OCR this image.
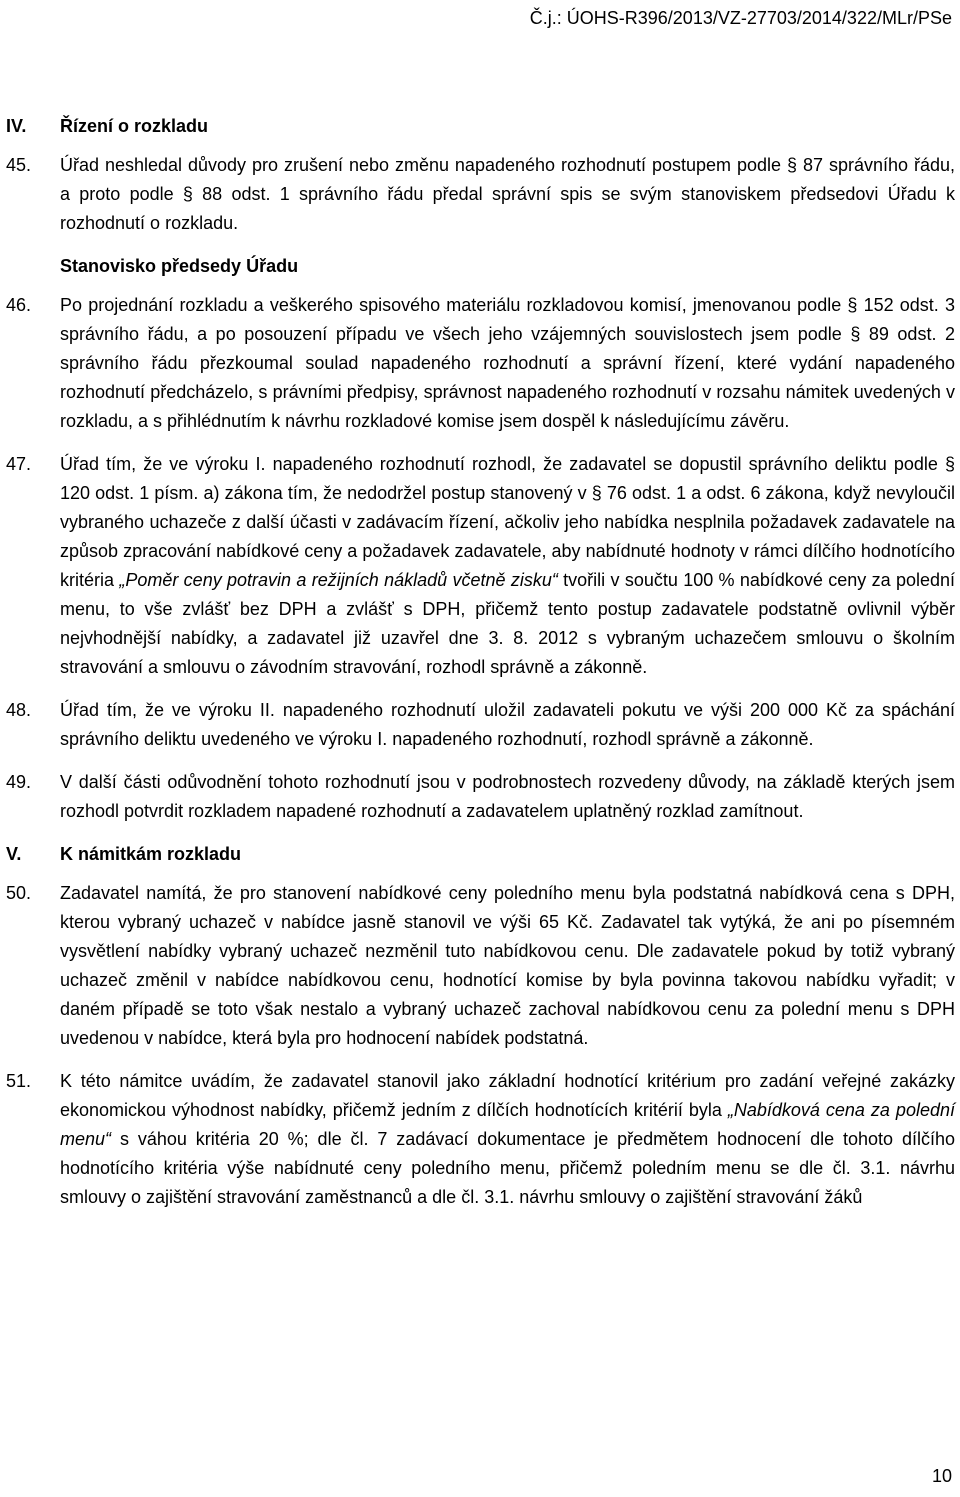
Č.j.: ÚOHS-R396/2013/VZ-27703/2014/322/MLr/PSe
IV. Řízení o rozkladu
45. Úřad neshledal důvody pro zrušení nebo změnu napadeného rozhodnutí postupem podle § 87 správního řádu, a proto podle § 88 odst. 1 správního řádu předal správní spis se svým stanoviskem předsedovi Úřadu k rozhodnutí o rozkladu.
Stanovisko předsedy Úřadu
46. Po projednání rozkladu a veškerého spisového materiálu rozkladovou komisí, jmenovanou podle § 152 odst. 3 správního řádu, a po posouzení případu ve všech jeho vzájemných souvislostech jsem podle § 89 odst. 2 správního řádu přezkoumal soulad napadeného rozhodnutí a správní řízení, které vydání napadeného rozhodnutí předcházelo, s právními předpisy, správnost napadeného rozhodnutí v rozsahu námitek uvedených v rozkladu, a s přihlédnutím k návrhu rozkladové komise jsem dospěl k následujícímu závěru.
47. Úřad tím, že ve výroku I. napadeného rozhodnutí rozhodl, že zadavatel se dopustil správního deliktu podle § 120 odst. 1 písm. a) zákona tím, že nedodržel postup stanovený v § 76 odst. 1 a odst. 6 zákona, když nevyloučil vybraného uchazeče z další účasti v zadávacím řízení, ačkoliv jeho nabídka nesplnila požadavek zadavatele na způsob zpracování nabídkové ceny a požadavek zadavatele, aby nabídnuté hodnoty v rámci dílčího hodnotícího kritéria „Poměr ceny potravin a režijních nákladů včetně zisku“ tvořili v součtu 100 % nabídkové ceny za polední menu, to vše zvlášť bez DPH a zvlášť s DPH, přičemž tento postup zadavatele podstatně ovlivnil výběr nejvhodnější nabídky, a zadavatel již uzavřel dne 3. 8. 2012 s vybraným uchazečem smlouvu o školním stravování a smlouvu o závodním stravování, rozhodl správně a zákonně.
48. Úřad tím, že ve výroku II. napadeného rozhodnutí uložil zadavateli pokutu ve výši 200 000 Kč za spáchání správního deliktu uvedeného ve výroku I. napadeného rozhodnutí, rozhodl správně a zákonně.
49. V další části odůvodnění tohoto rozhodnutí jsou v podrobnostech rozvedeny důvody, na základě kterých jsem rozhodl potvrdit rozkladem napadené rozhodnutí a zadavatelem uplatněný rozklad zamítnout.
V. K námitkám rozkladu
50. Zadavatel namítá, že pro stanovení nabídkové ceny poledního menu byla podstatná nabídková cena s DPH, kterou vybraný uchazeč v nabídce jasně stanovil ve výši 65 Kč. Zadavatel tak vytýká, že ani po písemném vysvětlení nabídky vybraný uchazeč nezměnil tuto nabídkovou cenu. Dle zadavatele pokud by totiž vybraný uchazeč změnil v nabídce nabídkovou cenu, hodnotící komise by byla povinna takovou nabídku vyřadit; v daném případě se toto však nestalo a vybraný uchazeč zachoval nabídkovou cenu za polední menu s DPH uvedenou v nabídce, která byla pro hodnocení nabídek podstatná.
51. K této námitce uvádím, že zadavatel stanovil jako základní hodnotící kritérium pro zadání veřejné zakázky ekonomickou výhodnost nabídky, přičemž jedním z dílčích hodnotících kritérií byla „Nabídková cena za polední menu“ s váhou kritéria 20 %; dle čl. 7 zadávací dokumentace je předmětem hodnocení dle tohoto dílčího hodnotícího kritéria výše nabídnuté ceny poledního menu, přičemž poledním menu se dle čl. 3.1. návrhu smlouvy o zajištění stravování zaměstnanců a dle čl. 3.1. návrhu smlouvy o zajištění stravování žáků
10
